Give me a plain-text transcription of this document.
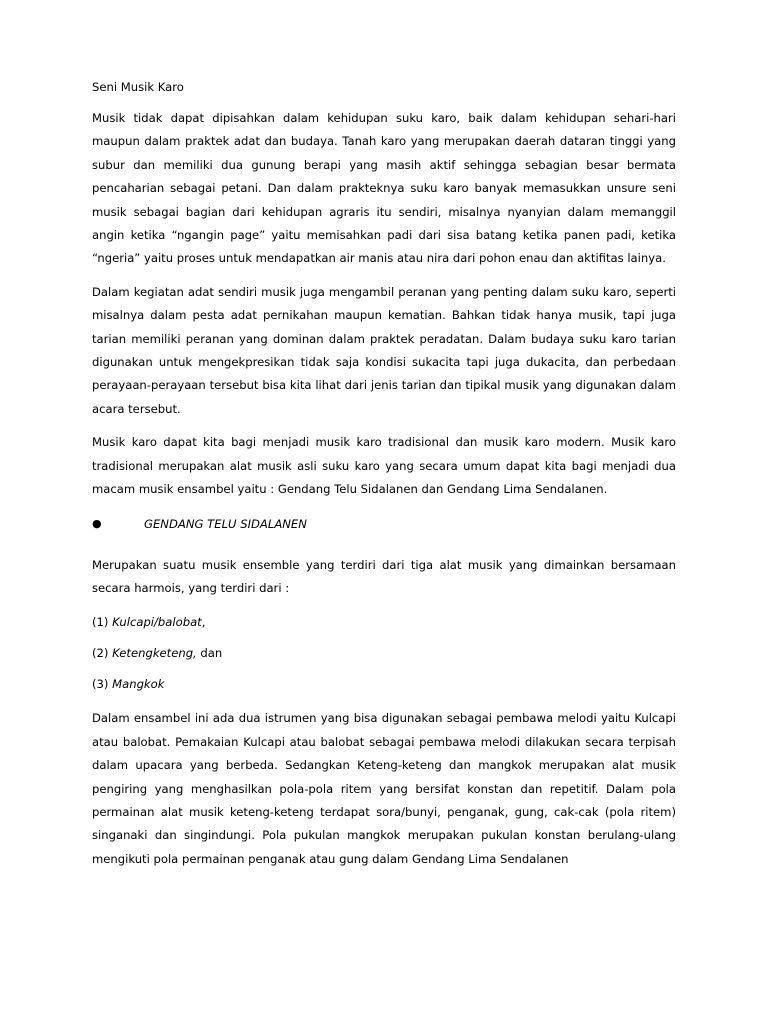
Seni Musik Karo

Musik tidak dapat dipisahkan dalam kehidupan suku karo, baik dalam kehidupan sehari-hari maupun dalam praktek adat dan budaya. Tanah karo yang merupakan daerah dataran tinggi yang subur dan memiliki dua gunung berapi yang masih aktif sehingga sebagian besar bermata pencaharian sebagai petani. Dan dalam prakteknya suku karo banyak memasukkan unsure seni musik sebagai bagian dari kehidupan agraris itu sendiri, misalnya nyanyian dalam memanggil angin ketika “ngangin page” yaitu memisahkan padi dari sisa batang ketika panen padi, ketika “ngeria” yaitu proses untuk mendapatkan air manis atau nira dari pohon enau dan aktifitas lainya.

Dalam kegiatan adat sendiri musik juga mengambil peranan yang penting dalam suku karo, seperti misalnya dalam pesta adat pernikahan maupun kematian. Bahkan tidak hanya musik, tapi juga tarian memiliki peranan yang dominan dalam praktek peradatan. Dalam budaya suku karo tarian digunakan untuk mengekpresikan tidak saja kondisi sukacita tapi juga dukacita, dan perbedaan perayaan-perayaan tersebut bisa kita lihat dari jenis tarian dan tipikal musik yang digunakan dalam acara tersebut.

Musik karo dapat kita bagi menjadi musik karo tradisional dan musik karo modern. Musik karo tradisional merupakan alat musik asli suku karo yang secara umum dapat kita bagi menjadi dua macam musik ensambel yaitu : Gendang Telu Sidalanen dan Gendang Lima Sendalanen.

●	GENDANG TELU SIDALANEN

Merupakan suatu musik ensemble yang terdiri dari tiga alat musik yang dimainkan bersamaan secara harmois, yang terdiri dari :

(1) Kulcapi/balobat,
(2) Ketengketeng, dan
(3) Mangkok

Dalam ensambel ini ada dua istrumen yang bisa digunakan sebagai pembawa melodi yaitu Kulcapi atau balobat. Pemakaian Kulcapi atau balobat sebagai pembawa melodi dilakukan secara terpisah dalam upacara yang berbeda. Sedangkan Keteng-keteng dan mangkok merupakan alat musik pengiring yang menghasilkan pola-pola ritem yang bersifat konstan dan repetitif. Dalam pola permainan alat musik keteng-keteng terdapat sora/bunyi, penganak, gung, cak-cak (pola ritem) singanaki dan singindungi. Pola pukulan mangkok merupakan pukulan konstan berulang-ulang mengikuti pola permainan penganak atau gung dalam Gendang Lima Sendalanen
